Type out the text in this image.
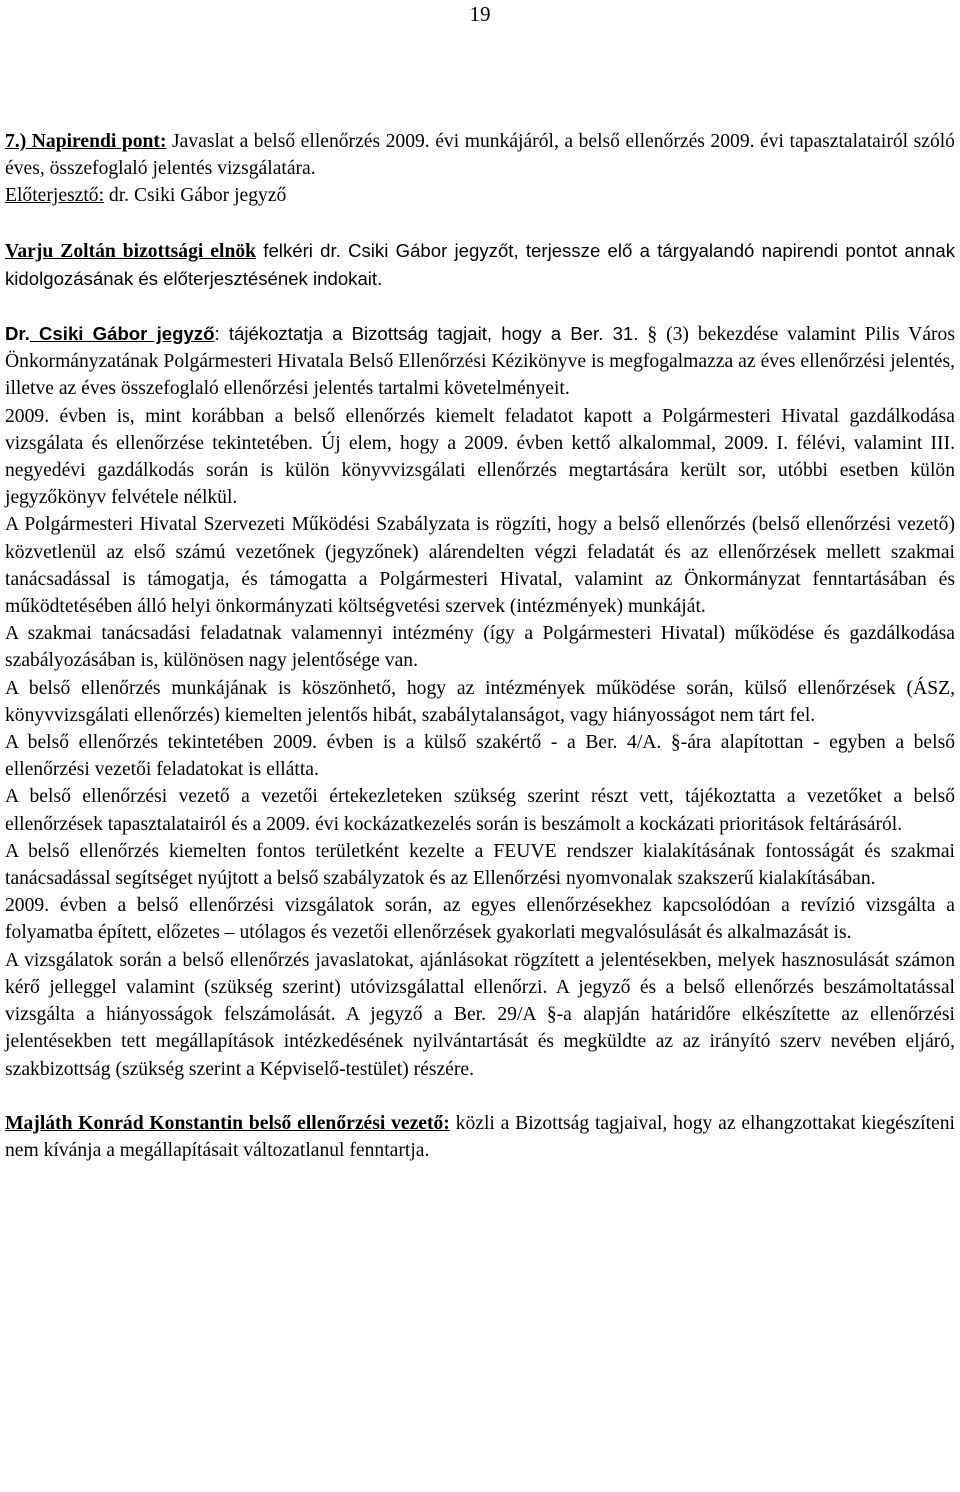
19

7.) Napirendi pont: Javaslat a belső ellenőrzés 2009. évi munkájáról, a belső ellenőrzés 2009. évi tapasztalatairól szóló éves, összefoglaló jelentés vizsgálatára.

Előterjesztő: dr. Csiki Gábor jegyző

Varju Zoltán bizottsági elnök felkéri dr. Csiki Gábor jegyzőt, terjessze elő a tárgyalandó napirendi pontot annak kidolgozásának és előterjesztésének indokait.

Dr. Csiki Gábor jegyző: tájékoztatja a Bizottság tagjait, hogy a Ber. 31. § (3) bekezdése valamint Pilis Város Önkormányzatának Polgármesteri Hivatala Belső Ellenőrzési Kézikönyve is megfogalmazza az éves ellenőrzési jelentés, illetve az éves összefoglaló ellenőrzési jelentés tartalmi követelményeit.

2009. évben is, mint korábban a belső ellenőrzés kiemelt feladatot kapott a Polgármesteri Hivatal gazdálkodása vizsgálata és ellenőrzése tekintetében. Új elem, hogy a 2009. évben kettő alkalommal, 2009. I. félévi, valamint III. negyedévi gazdálkodás során is külön könyvvizsgálati ellenőrzés megtartására került sor, utóbbi esetben külön jegyzőkönyv felvétele nélkül.

A Polgármesteri Hivatal Szervezeti Működési Szabályzata is rögzíti, hogy a belső ellenőrzés (belső ellenőrzési vezető) közvetlenül az első számú vezetőnek (jegyzőnek) alárendelten végzi feladatát és az ellenőrzések mellett szakmai tanácsadással is támogatja, és támogatta a Polgármesteri Hivatal, valamint az Önkormányzat fenntartásában és működtetésében álló helyi önkormányzati költségvetési szervek (intézmények) munkáját.

A szakmai tanácsadási feladatnak valamennyi intézmény (így a Polgármesteri Hivatal) működése és gazdálkodása szabályozásában is, különösen nagy jelentősége van.

A belső ellenőrzés munkájának is köszönhető, hogy az intézmények működése során, külső ellenőrzések (ÁSZ, könyvvizsgálati ellenőrzés) kiemelten jelentős hibát, szabálytalanságot, vagy hiányosságot nem tárt fel.

A belső ellenőrzés tekintetében 2009. évben is a külső szakértő - a Ber. 4/A. §-ára alapítottan - egyben a belső ellenőrzési vezetői feladatokat is ellátta.

A belső ellenőrzési vezető a vezetői értekezleteken szükség szerint részt vett, tájékoztatta a vezetőket a belső ellenőrzések tapasztalatairól és a 2009. évi kockázatkezelés során is beszámolt a kockázati prioritások feltárásáról.

A belső ellenőrzés kiemelten fontos területként kezelte a FEUVE rendszer kialakításának fontosságát és szakmai tanácsadással segítséget nyújtott a belső szabályzatok és az Ellenőrzési nyomvonalak szakszerű kialakításában.

2009. évben a belső ellenőrzési vizsgálatok során, az egyes ellenőrzésekhez kapcsolódóan a revízió vizsgálta a folyamatba épített, előzetes – utólagos és vezetői ellenőrzések gyakorlati megvalósulását és alkalmazását is.

A vizsgálatok során a belső ellenőrzés javaslatokat, ajánlásokat rögzített a jelentésekben, melyek hasznosulását számon kérő jelleggel valamint (szükség szerint) utóvizsgálattal ellenőrzi. A jegyző és a belső ellenőrzés beszámoltatással vizsgálta a hiányosságok felszámolását. A jegyző a Ber. 29/A §-a alapján határidőre elkészítette az ellenőrzési jelentésekben tett megállapítások intézkedésének nyilvántartását és megküldte az az irányító szerv nevében eljáró, szakbizottság (szükség szerint a Képviselő-testület) részére.

Majláth Konrád Konstantin belső ellenőrzési vezető: közli a Bizottság tagjaival, hogy az elhangzottakat kiegészíteni nem kívánja a megállapításait változatlanul fenntartja.
